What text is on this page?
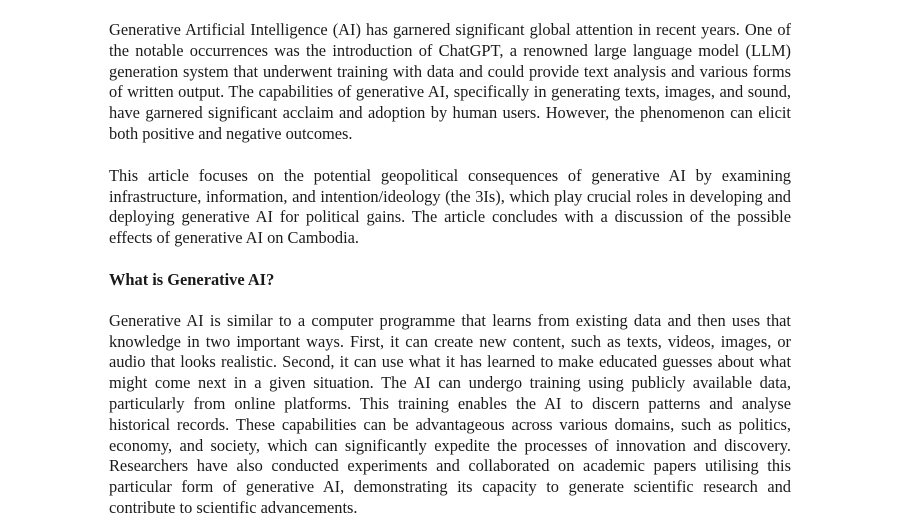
Generative Artificial Intelligence (AI) has garnered significant global attention in recent years. One of the notable occurrences was the introduction of ChatGPT, a renowned large language model (LLM) generation system that underwent training with data and could provide text analysis and various forms of written output. The capabilities of generative AI, specifically in generating texts, images, and sound, have garnered significant acclaim and adoption by human users. However, the phenomenon can elicit both positive and negative outcomes.

This article focuses on the potential geopolitical consequences of generative AI by examining infrastructure, information, and intention/ideology (the 3Is), which play crucial roles in developing and deploying generative AI for political gains. The article concludes with a discussion of the possible effects of generative AI on Cambodia.

What is Generative AI?

Generative AI is similar to a computer programme that learns from existing data and then uses that knowledge in two important ways. First, it can create new content, such as texts, videos, images, or audio that looks realistic. Second, it can use what it has learned to make educated guesses about what might come next in a given situation. The AI can undergo training using publicly available data, particularly from online platforms. This training enables the AI to discern patterns and analyse historical records. These capabilities can be advantageous across various domains, such as politics, economy, and society, which can significantly expedite the processes of innovation and discovery. Researchers have also conducted experiments and collaborated on academic papers utilising this particular form of generative AI, demonstrating its capacity to generate scientific research and contribute to scientific advancements.
